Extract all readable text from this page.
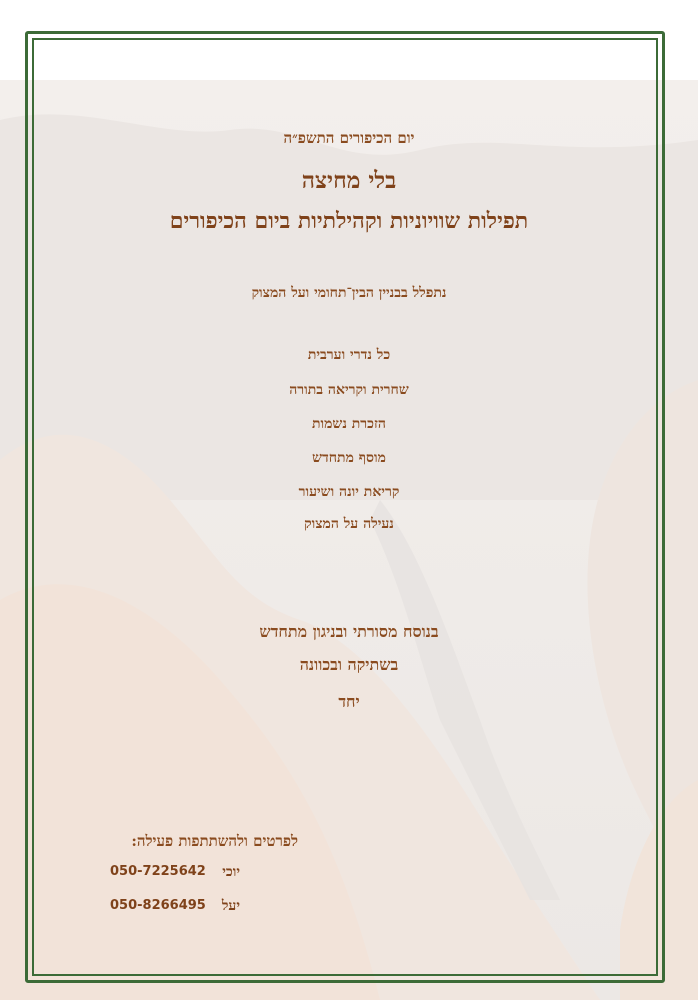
יום הכיפורים התשפ״ה
בלי מחיצה
תפילות שוויוניות וקהילתיות ביום הכיפורים
נתפלל בבניין הבין־תחומי ועל המצוק
כל נדרי וערבית
שחרית וקריאה בתורה
הזכרת נשמות
מוסף מתחדש
קריאת יונה ושיעור
נעילה על המצוק
בנוסח מסורתי ובניגון מתחדש
בשתיקה ובכוונה
יחד
לפרטים ולהשתתפות פעילה:
050-7225642 יוכי
050-8266495 יעל
